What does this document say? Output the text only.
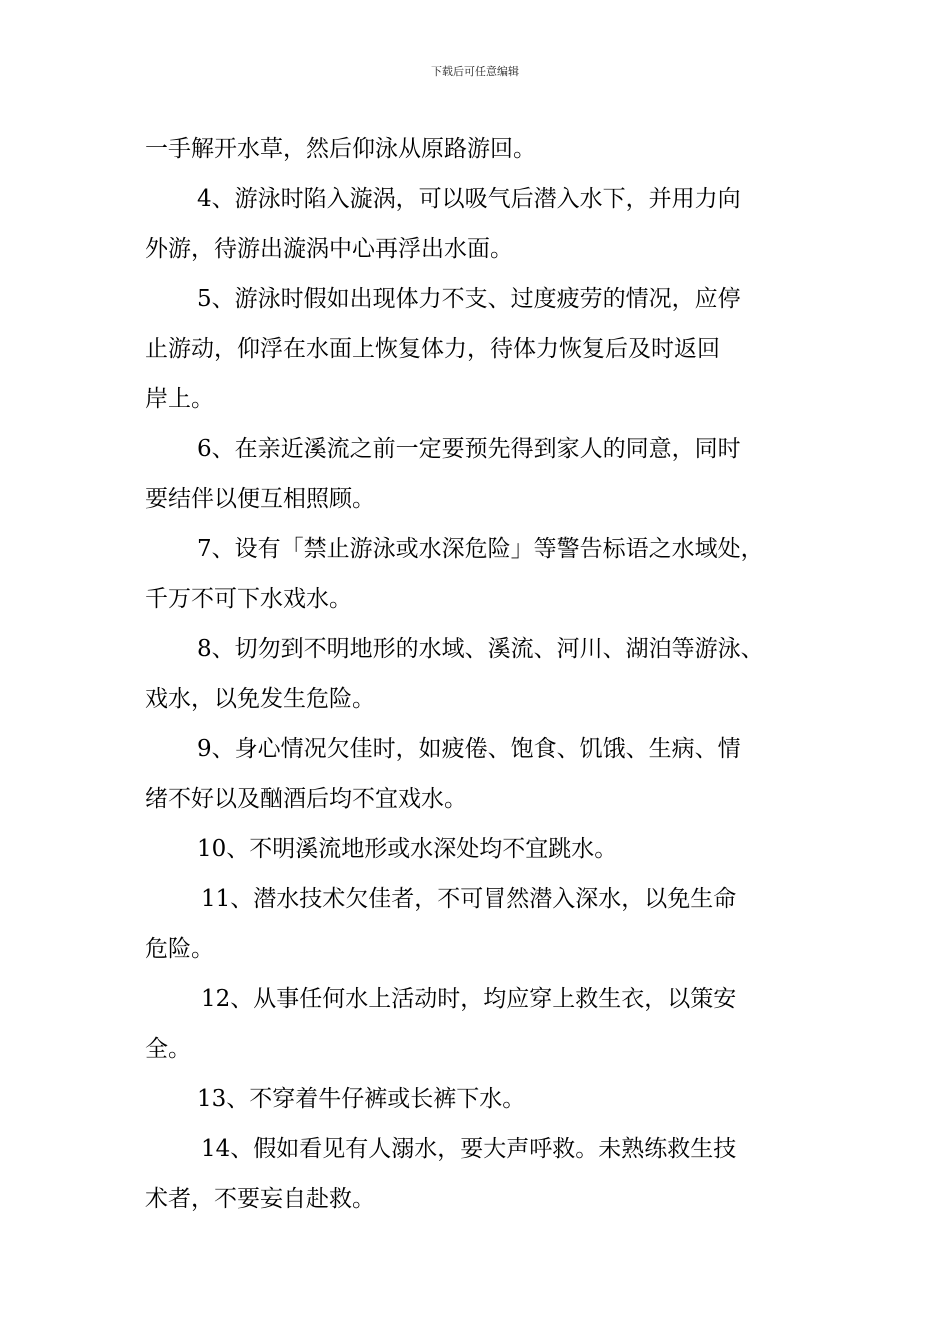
下载后可任意编辑
一手解开水草，然后仰泳从原路游回。
4、游泳时陷入漩涡，可以吸气后潜入水下，并用力向
外游，待游出漩涡中心再浮出水面。
5、游泳时假如出现体力不支、过度疲劳的情况，应停
止游动，仰浮在水面上恢复体力，待体力恢复后及时返回
岸上。
6、在亲近溪流之前一定要预先得到家人的同意，同时
要结伴以便互相照顾。
7、设有「禁止游泳或水深危险」等警告标语之水域处，
千万不可下水戏水。
8、切勿到不明地形的水域、溪流、河川、湖泊等游泳、
戏水，以免发生危险。
9、身心情况欠佳时，如疲倦、饱食、饥饿、生病、情
绪不好以及酗酒后均不宜戏水。
10、不明溪流地形或水深处均不宜跳水。
11、潜水技术欠佳者，不可冒然潜入深水，以免生命
危险。
12、从事任何水上活动时，均应穿上救生衣，以策安
全。
13、不穿着牛仔裤或长裤下水。
14、假如看见有人溺水，要大声呼救。未熟练救生技
术者，不要妄自赴救。
